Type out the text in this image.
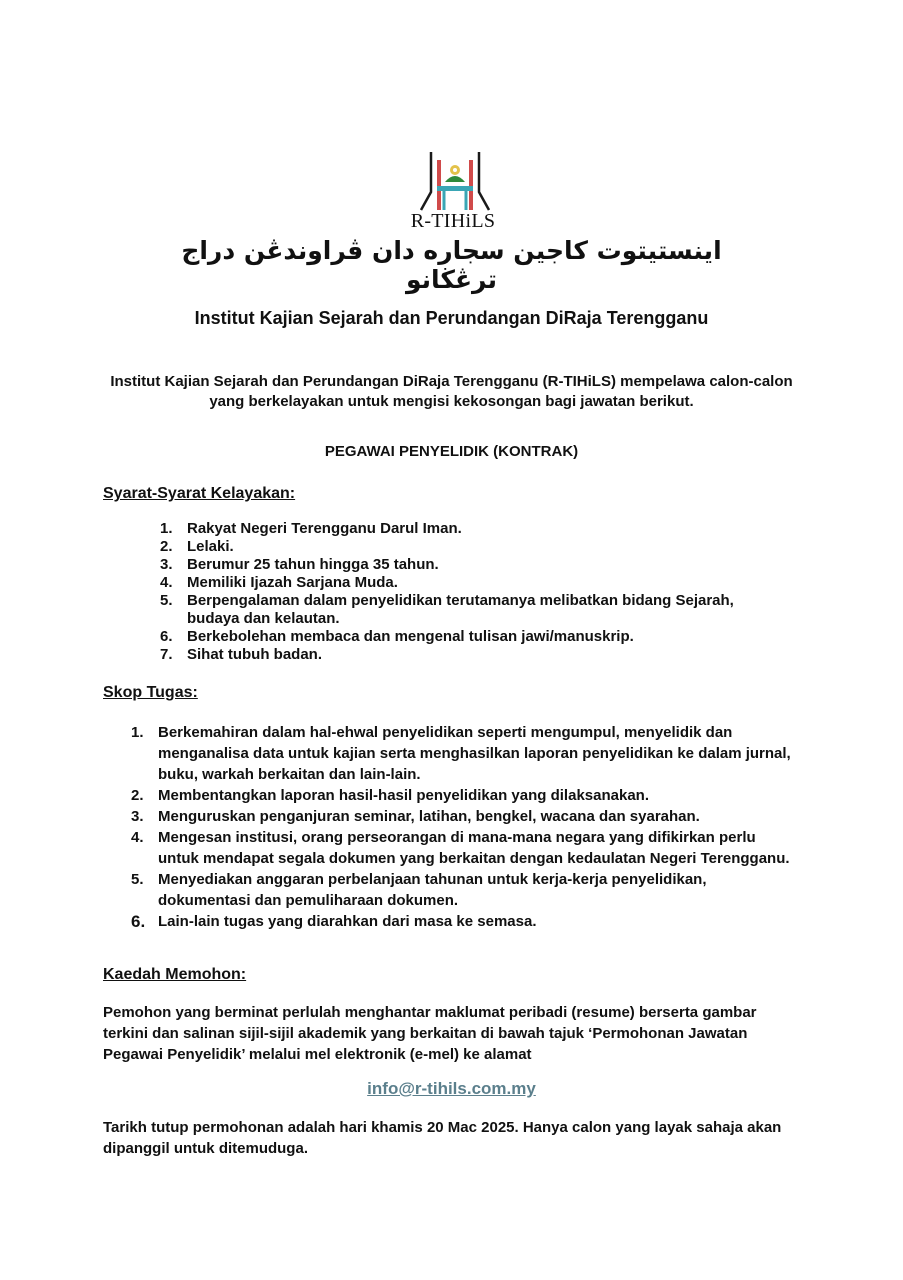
R-TIHiLS
اينستيتوت كاجين سجاره دان ڤراوندڠن دراج ترڠڬانو
Institut Kajian Sejarah dan Perundangan DiRaja Terengganu
Institut Kajian Sejarah dan Perundangan DiRaja Terengganu (R-TIHiLS) mempelawa calon-calon yang berkelayakan untuk mengisi kekosongan bagi jawatan berikut.
PEGAWAI PENYELIDIK (KONTRAK)
Syarat-Syarat Kelayakan:
1. Rakyat Negeri Terengganu Darul Iman.
2. Lelaki.
3. Berumur 25 tahun hingga 35 tahun.
4. Memiliki Ijazah Sarjana Muda.
5. Berpengalaman dalam penyelidikan terutamanya melibatkan bidang Sejarah, budaya dan kelautan.
6. Berkebolehan membaca dan mengenal tulisan jawi/manuskrip.
7. Sihat tubuh badan.
Skop Tugas:
1. Berkemahiran dalam hal-ehwal penyelidikan seperti mengumpul, menyelidik dan menganalisa data untuk kajian serta menghasilkan laporan penyelidikan ke dalam jurnal, buku, warkah berkaitan dan lain-lain.
2. Membentangkan laporan hasil-hasil penyelidikan yang dilaksanakan.
3. Menguruskan penganjuran seminar, latihan, bengkel, wacana dan syarahan.
4. Mengesan institusi, orang perseorangan di mana-mana negara yang difikirkan perlu untuk mendapat segala dokumen yang berkaitan dengan kedaulatan Negeri Terengganu.
5. Menyediakan anggaran perbelanjaan tahunan untuk kerja-kerja penyelidikan, dokumentasi dan pemuliharaan dokumen.
6. Lain-lain tugas yang diarahkan dari masa ke semasa.
Kaedah Memohon:
Pemohon yang berminat perlulah menghantar maklumat peribadi (resume) berserta gambar terkini dan salinan sijil-sijil akademik yang berkaitan di bawah tajuk ‘Permohonan Jawatan Pegawai Penyelidik’ melalui mel elektronik (e-mel) ke alamat
info@r-tihils.com.my
Tarikh tutup permohonan adalah hari khamis 20 Mac 2025. Hanya calon yang layak sahaja akan dipanggil untuk ditemuduga.
